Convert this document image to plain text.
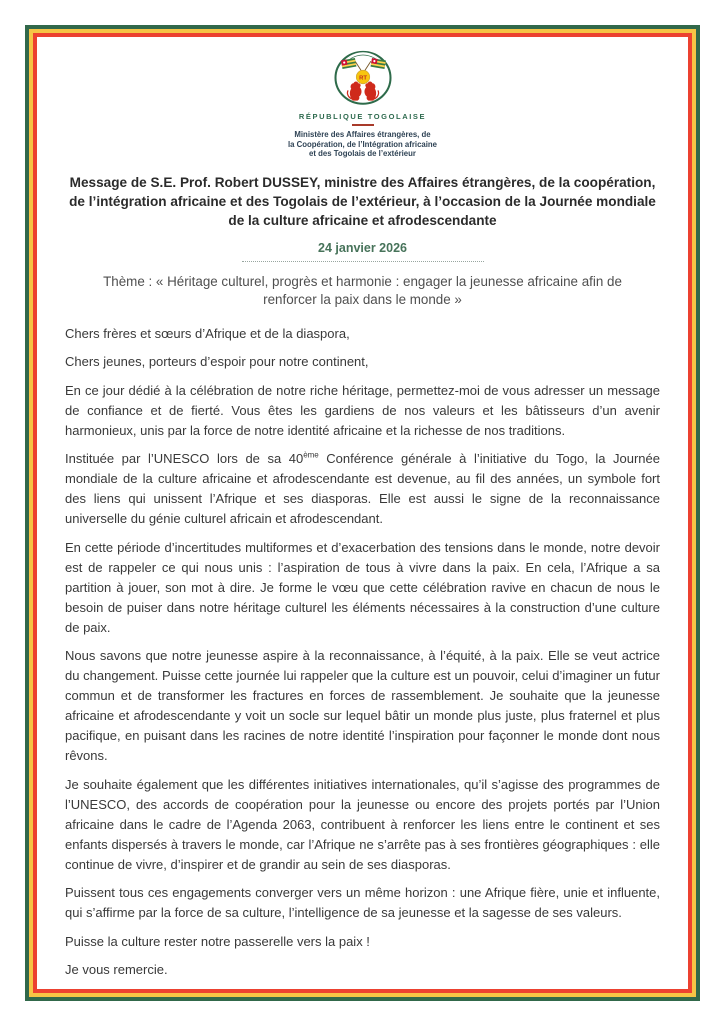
RT
RÉPUBLIQUE TOGOLAISE
Ministère des Affaires étrangères, de
la Coopération, de l’Intégration africaine
et des Togolais de l’extérieur
Message de S.E. Prof. Robert DUSSEY, ministre des Affaires étrangères, de la coopération, de l’intégration africaine et des Togolais de l’extérieur, à l’occasion de la Journée mondiale de la culture africaine et afrodescendante
24 janvier 2026
Thème : « Héritage culturel, progrès et harmonie : engager la jeunesse africaine afin de renforcer la paix dans le monde »

Chers frères et sœurs d’Afrique et de la diaspora,

Chers jeunes, porteurs d’espoir pour notre continent,

En ce jour dédié à la célébration de notre riche héritage, permettez-moi de vous adresser un message de confiance et de fierté. Vous êtes les gardiens de nos valeurs et les bâtisseurs d’un avenir harmonieux, unis par la force de notre identité africaine et la richesse de nos traditions.

Instituée par l’UNESCO lors de sa 40ème Conférence générale à l’initiative du Togo, la Journée mondiale de la culture africaine et afrodescendante est devenue, au fil des années, un symbole fort des liens qui unissent l’Afrique et ses diasporas. Elle est aussi le signe de la reconnaissance universelle du génie culturel africain et afrodescendant.

En cette période d’incertitudes multiformes et d’exacerbation des tensions dans le monde, notre devoir est de rappeler ce qui nous unis : l’aspiration de tous à vivre dans la paix. En cela, l’Afrique a sa partition à jouer, son mot à dire. Je forme le vœu que cette célébration ravive en chacun de nous le besoin de puiser dans notre héritage culturel les éléments nécessaires à la construction d’une culture de paix.

Nous savons que notre jeunesse aspire à la reconnaissance, à l’équité, à la paix. Elle se veut actrice du changement. Puisse cette journée lui rappeler que la culture est un pouvoir, celui d’imaginer un futur commun et de transformer les fractures en forces de rassemblement. Je souhaite que la jeunesse africaine et afrodescendante y voit un socle sur lequel bâtir un monde plus juste, plus fraternel et plus pacifique, en puisant dans les racines de notre identité l’inspiration pour façonner le monde dont nous rêvons.

Je souhaite également que les différentes initiatives internationales, qu’il s’agisse des programmes de l’UNESCO, des accords de coopération pour la jeunesse ou encore des projets portés par l’Union africaine dans le cadre de l’Agenda 2063, contribuent à renforcer les liens entre le continent et ses enfants dispersés à travers le monde, car l’Afrique ne s’arrête pas à ses frontières géographiques : elle continue de vivre, d’inspirer et de grandir au sein de ses diasporas.

Puissent tous ces engagements converger vers un même horizon : une Afrique fière, unie et influente, qui s’affirme par la force de sa culture, l’intelligence de sa jeunesse et la sagesse de ses valeurs.

Puisse la culture rester notre passerelle vers la paix !

Je vous remercie.
